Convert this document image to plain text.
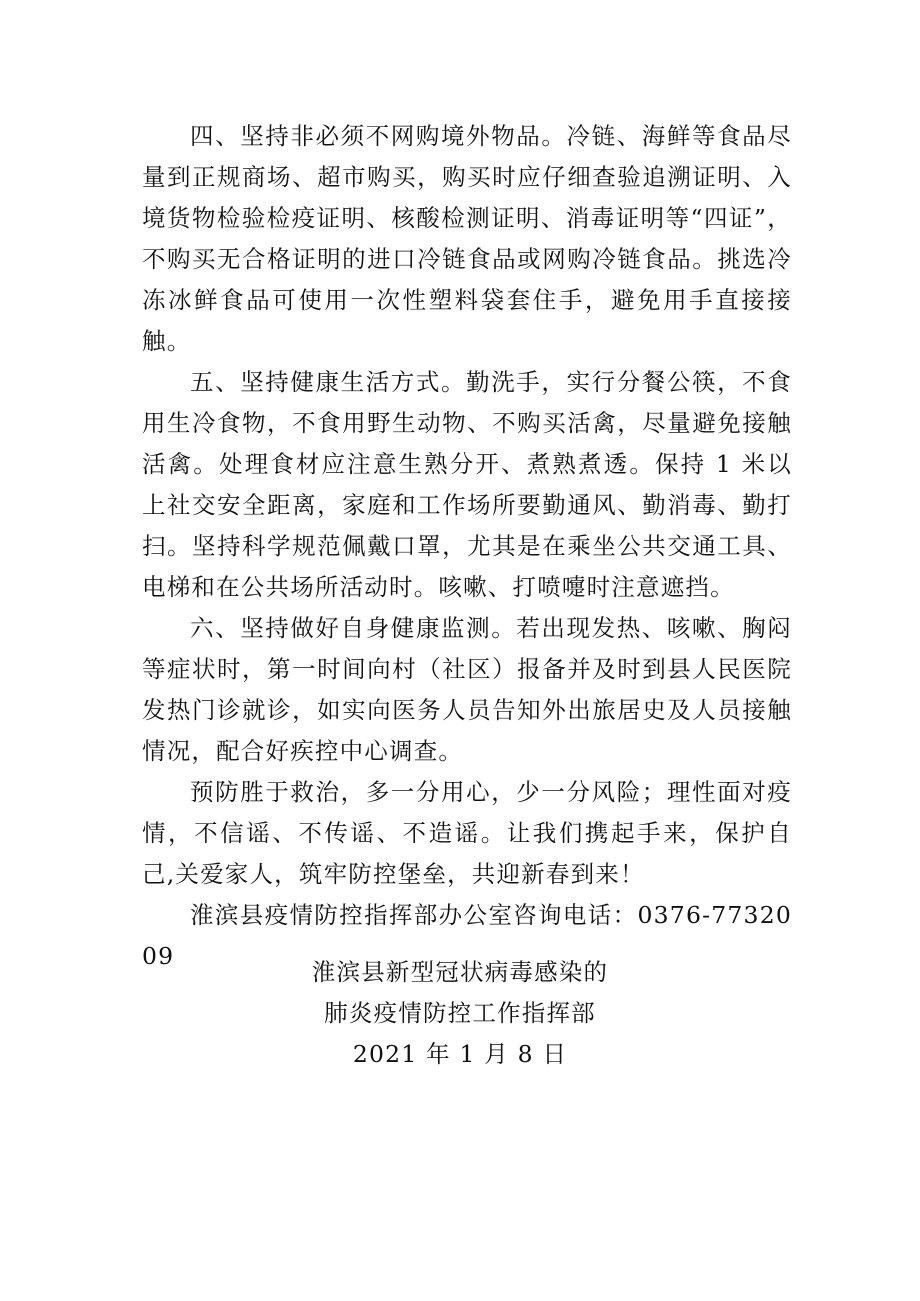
四、坚持非必须不网购境外物品。冷链、海鲜等食品尽量到正规商场、超市购买，购买时应仔细查验追溯证明、入境货物检验检疫证明、核酸检测证明、消毒证明等“四证”，不购买无合格证明的进口冷链食品或网购冷链食品。挑选冷冻冰鲜食品可使用一次性塑料袋套住手，避免用手直接接触。

五、坚持健康生活方式。勤洗手，实行分餐公筷，不食用生冷食物，不食用野生动物、不购买活禽，尽量避免接触活禽。处理食材应注意生熟分开、煮熟煮透。保持 1 米以上社交安全距离，家庭和工作场所要勤通风、勤消毒、勤打扫。坚持科学规范佩戴口罩，尤其是在乘坐公共交通工具、电梯和在公共场所活动时。咳嗽、打喷嚏时注意遮挡。

六、坚持做好自身健康监测。若出现发热、咳嗽、胸闷等症状时，第一时间向村（社区）报备并及时到县人民医院发热门诊就诊，如实向医务人员告知外出旅居史及人员接触情况，配合好疾控中心调查。

预防胜于救治，多一分用心，少一分风险；理性面对疫情，不信谣、不传谣、不造谣。让我们携起手来，保护自己,关爱家人，筑牢防控堡垒，共迎新春到来！

淮滨县疫情防控指挥部办公室咨询电话：0376-7732009

淮滨县新型冠状病毒感染的
肺炎疫情防控工作指挥部
2021 年 1 月 8 日
